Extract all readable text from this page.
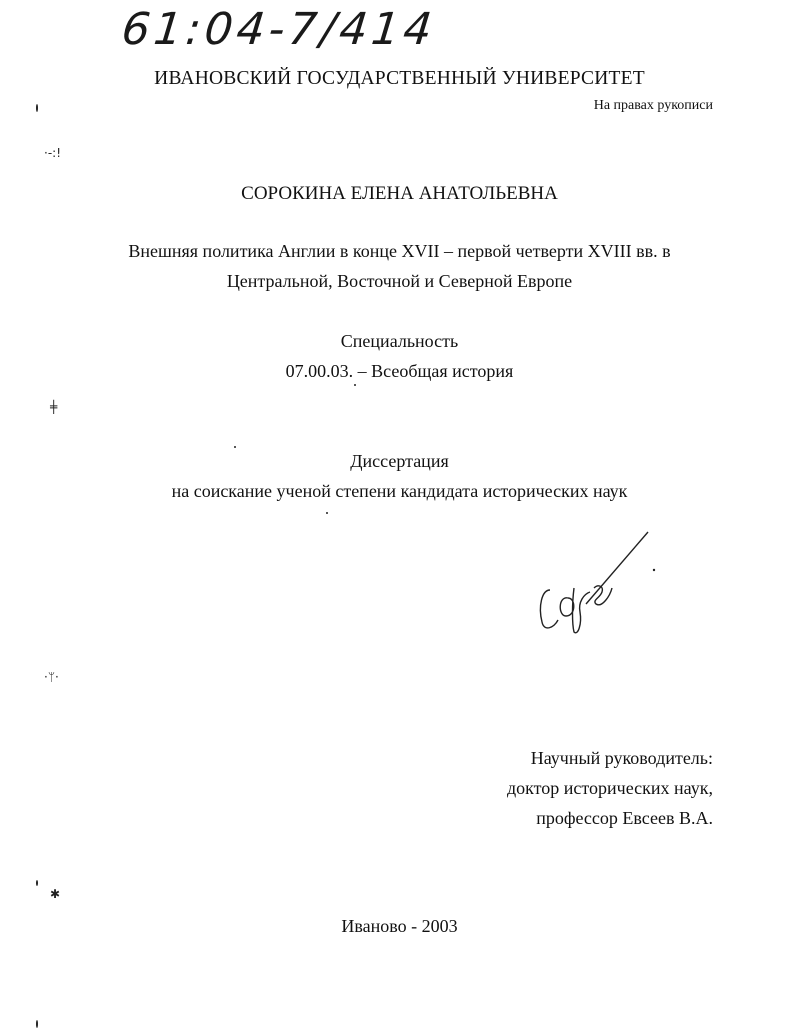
61:04-7/414
ИВАНОВСКИЙ ГОСУДАРСТВЕННЫЙ УНИВЕРСИТЕТ
На правах рукописи
СОРОКИНА ЕЛЕНА АНАТОЛЬЕВНА
Внешняя политика Англии в конце XVII – первой четверти XVIII вв. в
Центральной, Восточной и Северной Европе
Специальность
07.00.03. – Всеобщая история
Диссертация
на соискание ученой степени кандидата исторических наук
Научный руководитель:
доктор исторических наук,
профессор Евсеев В.А.
Иваново - 2003
·‑:!
╪
·ᛘ·
✱
